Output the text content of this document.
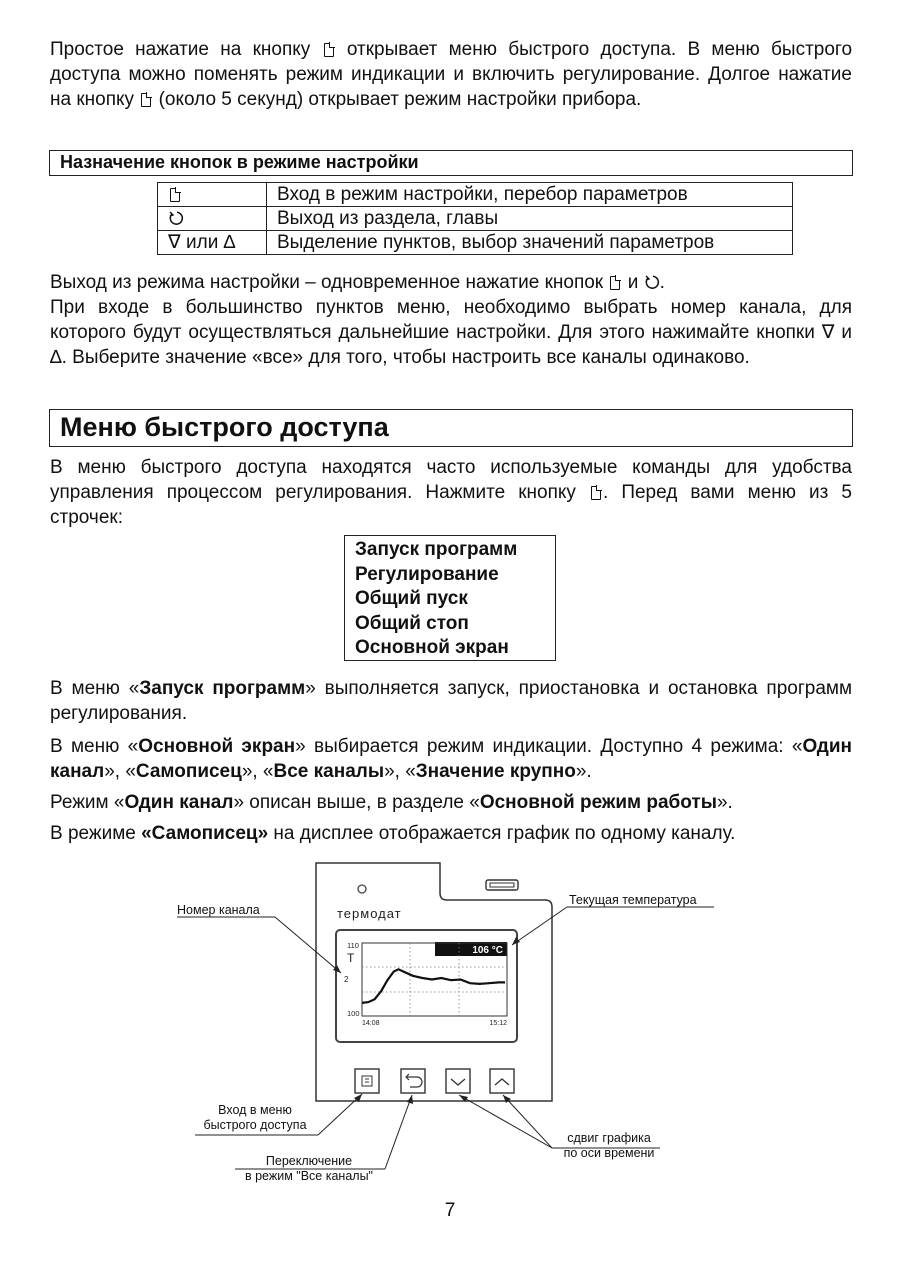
Простое нажатие на кнопку открывает меню быстрого доступа. В меню быстрого доступа можно поменять режим индикации и включить регулирование. Долгое нажатие на кнопку (около 5 секунд) открывает режим настройки прибора.

Назначение кнопок в режиме настройки
	Вход в режим настройки, перебор параметров
	Выход из раздела, главы
∇ или ∆	Выделение пунктов, выбор значений параметров

Выход из режима настройки – одновременное нажатие кнопок и .

При входе в большинство пунктов меню, необходимо выбрать номер канала, для которого будут осуществляться дальнейшие настройки. Для этого нажимайте кнопки ∇ и ∆. Выберите значение «все» для того, чтобы настроить все каналы одинаково.

Меню быстрого доступа

В меню быстрого доступа находятся часто используемые команды для удобства управления процессом регулирования. Нажмите кнопку . Перед вами меню из 5 строчек:

Запуск программ
Регулирование
Общий пуск
Общий стоп
Основной экран

В меню «Запуск программ» выполняется запуск, приостановка и остановка программ регулирования.

В меню «Основной экран» выбирается режим индикации. Доступно 4 режима: «Один канал», «Самописец», «Все каналы», «Значение крупно».

Режим «Один канал» описан выше, в разделе «Основной режим работы».

В режиме «Самописец» на дисплее отображается график по одному каналу.

термодат
106 °C
110
T
2
100
14:08	15:12
Номер канала
Текущая температура
Вход в меню
быстрого доступа
Переключение
в режим "Все каналы"
сдвиг графика
по оси времени
7
